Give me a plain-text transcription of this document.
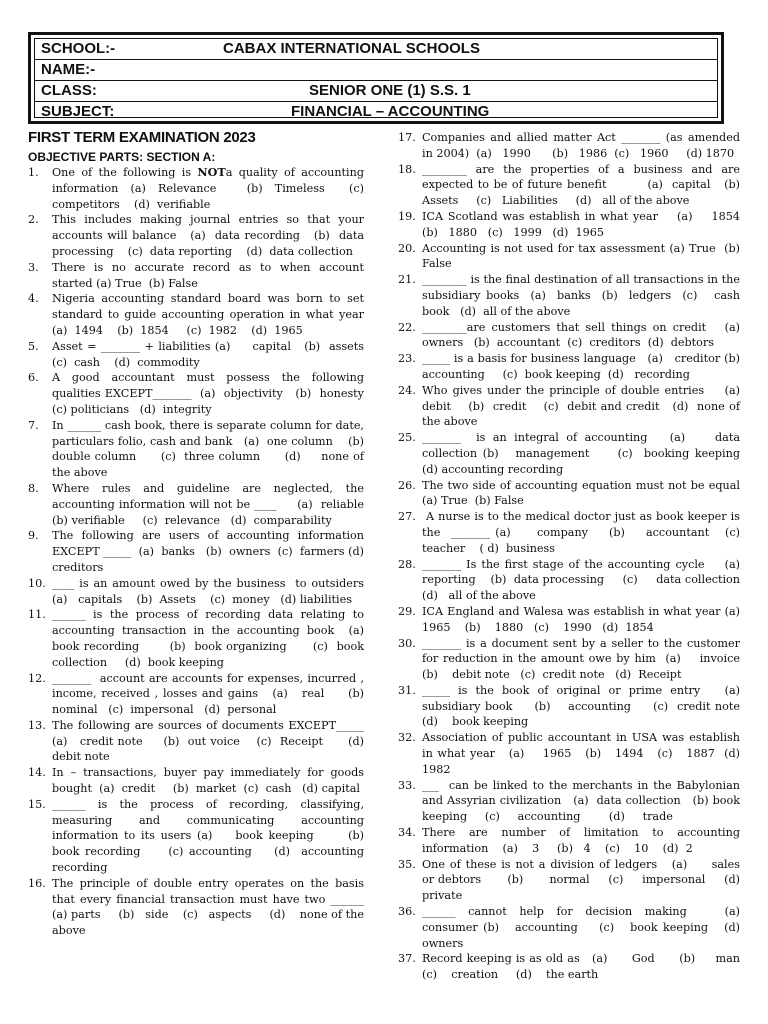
SCHOOL:-	CABAX INTERNATIONAL SCHOOLS
NAME:-
CLASS:	SENIOR ONE (1) S.S. 1
SUBJECT:	FINANCIAL – ACCOUNTING
FIRST TERM EXAMINATION 2023
OBJECTIVE PARTS: SECTION A:
1. One of the following is NOTa quality of accounting information  (a)  Relevance     (b)  Timeless    (c) competitors    (d)  verifiable
2. This includes making journal entries so that your accounts will balance   (a)  data recording   (b)  data processing    (c)  data reporting    (d)  data collection
3. There is no accurate record as to when account started (a) True  (b) False
4. Nigeria accounting standard board was born to set standard to guide accounting operation in what year (a)  1494    (b)  1854     (c)  1982    (d)  1965
5. Asset = _______ + liabilities (a)     capital   (b)  assets (c)  cash    (d)  commodity
6. A good accountant must possess the following qualities EXCEPT_______  (a)  objectivity   (b)  honesty     (c) politicians   (d)  integrity
7. In ______ cash book, there is separate column for date, particulars folio, cash and bank   (a)  one column    (b) double column      (c)  three column      (d)     none of the above
8. Where rules and guideline are neglected, the accounting information will not be ____     (a)  reliable    (b) verifiable     (c)  relevance   (d)  comparability
9. The following are users of accounting information EXCEPT _____  (a)  banks   (b)  owners  (c)  farmers (d)  creditors
10. ____ is an amount owed by the business  to outsiders (a)   capitals    (b)  Assets    (c)  money   (d) liabilities
11. ______ is the process of recording data relating to accounting transaction in the accounting book  (a) book recording       (b)  book organizing      (c)  book collection     (d)  book keeping
12. _______  account are accounts for expenses, incurred , income, received , losses and gains   (a)   real     (b) nominal   (c)  impersonal   (d)  personal
13. The following are sources of documents EXCEPT_____ (a)   credit note     (b)  out voice    (c)  Receipt      (d) debit note
14. In – transactions, buyer pay immediately for goods bought  (a)  credit     (b)  market  (c)  cash   (d) capital
15. ______ is the process of recording, classifying, measuring and communicating accounting information to its users (a)    book keeping      (b)  book recording     (c) accounting    (d)  accounting recording
16. The principle of double entry operates on the basis  that every financial transaction must have two ______ (a) parts     (b)   side    (c)   aspects     (d)    none of the above
17. Companies and allied matter Act _______ (as amended in 2004)  (a)   1990      (b)   1986  (c)   1960     (d) 1870
18. ________ are the properties of a business and are expected to be of future benefit         (a)  capital   (b) Assets     (c)   Liabilities     (d)   all of the above
19. ICA Scotland was establish in what year    (a)    1854 (b)   1880   (c)   1999   (d)  1965
20. Accounting is not used for tax assessment (a) True  (b) False
21. ________ is the final destination of all transactions in the subsidiary books  (a)  banks  (b)  ledgers  (c)   cash book   (d)  all of the above
22. ________are customers that sell things on credit   (a) owners   (b)  accountant  (c)  creditors  (d)  debtors
23. _____ is a basis for business language   (a)   creditor (b)  accounting     (c)  book keeping  (d)   recording
24. Who gives under the principle of double entries    (a) debit    (b)  credit    (c)  debit and credit   (d)  none of the above
25. _______  is an integral of accounting   (a)    data collection (b)   management     (c)  booking keeping   (d) accounting recording
26. The two side of accounting equation must not be equal (a) True  (b) False
27. A nurse is to the medical doctor just as book keeper is the  _______ (a)     company    (b)    accountant   (c) teacher    ( d)  business
28. _______ Is the first stage of the accounting cycle    (a) reporting    (b)  data processing     (c)     data collection (d)   all of the above
29. ICA England and Walesa was establish in what year (a)    1965    (b)    1880   (c)    1990   (d)  1854
30. _______ is a document sent by a seller to the customer for reduction in the amount owe by him  (a)    invoice (b)    debit note   (c)  credit note   (d)  Receipt
31. _____ is the book of original or prime entry   (a) subsidiary book     (b)    accounting     (c)  credit note (d)    book keeping
32. Association of public accountant in USA was establish in what year   (a)    1965   (b)   1494   (c)   1887  (d) 1982
33. ___  can be linked to the merchants in the Babylonian and Assyrian civilization   (a)  data collection   (b) book keeping     (c)     accounting        (d)     trade
34. There are number of limitation to accounting information    (a)    3     (b)   4    (c)    10    (d)  2
35. One of these is not a division of ledgers   (a)     sales   or debtors       (b)       normal     (c)     impersonal     (d) private
36. ______ cannot help for decision making   (a)      consumer (b)   accounting    (c)   book keeping   (d)   owners
37. Record keeping is as old as   (a)      God      (b)     man (c)    creation     (d)    the earth
